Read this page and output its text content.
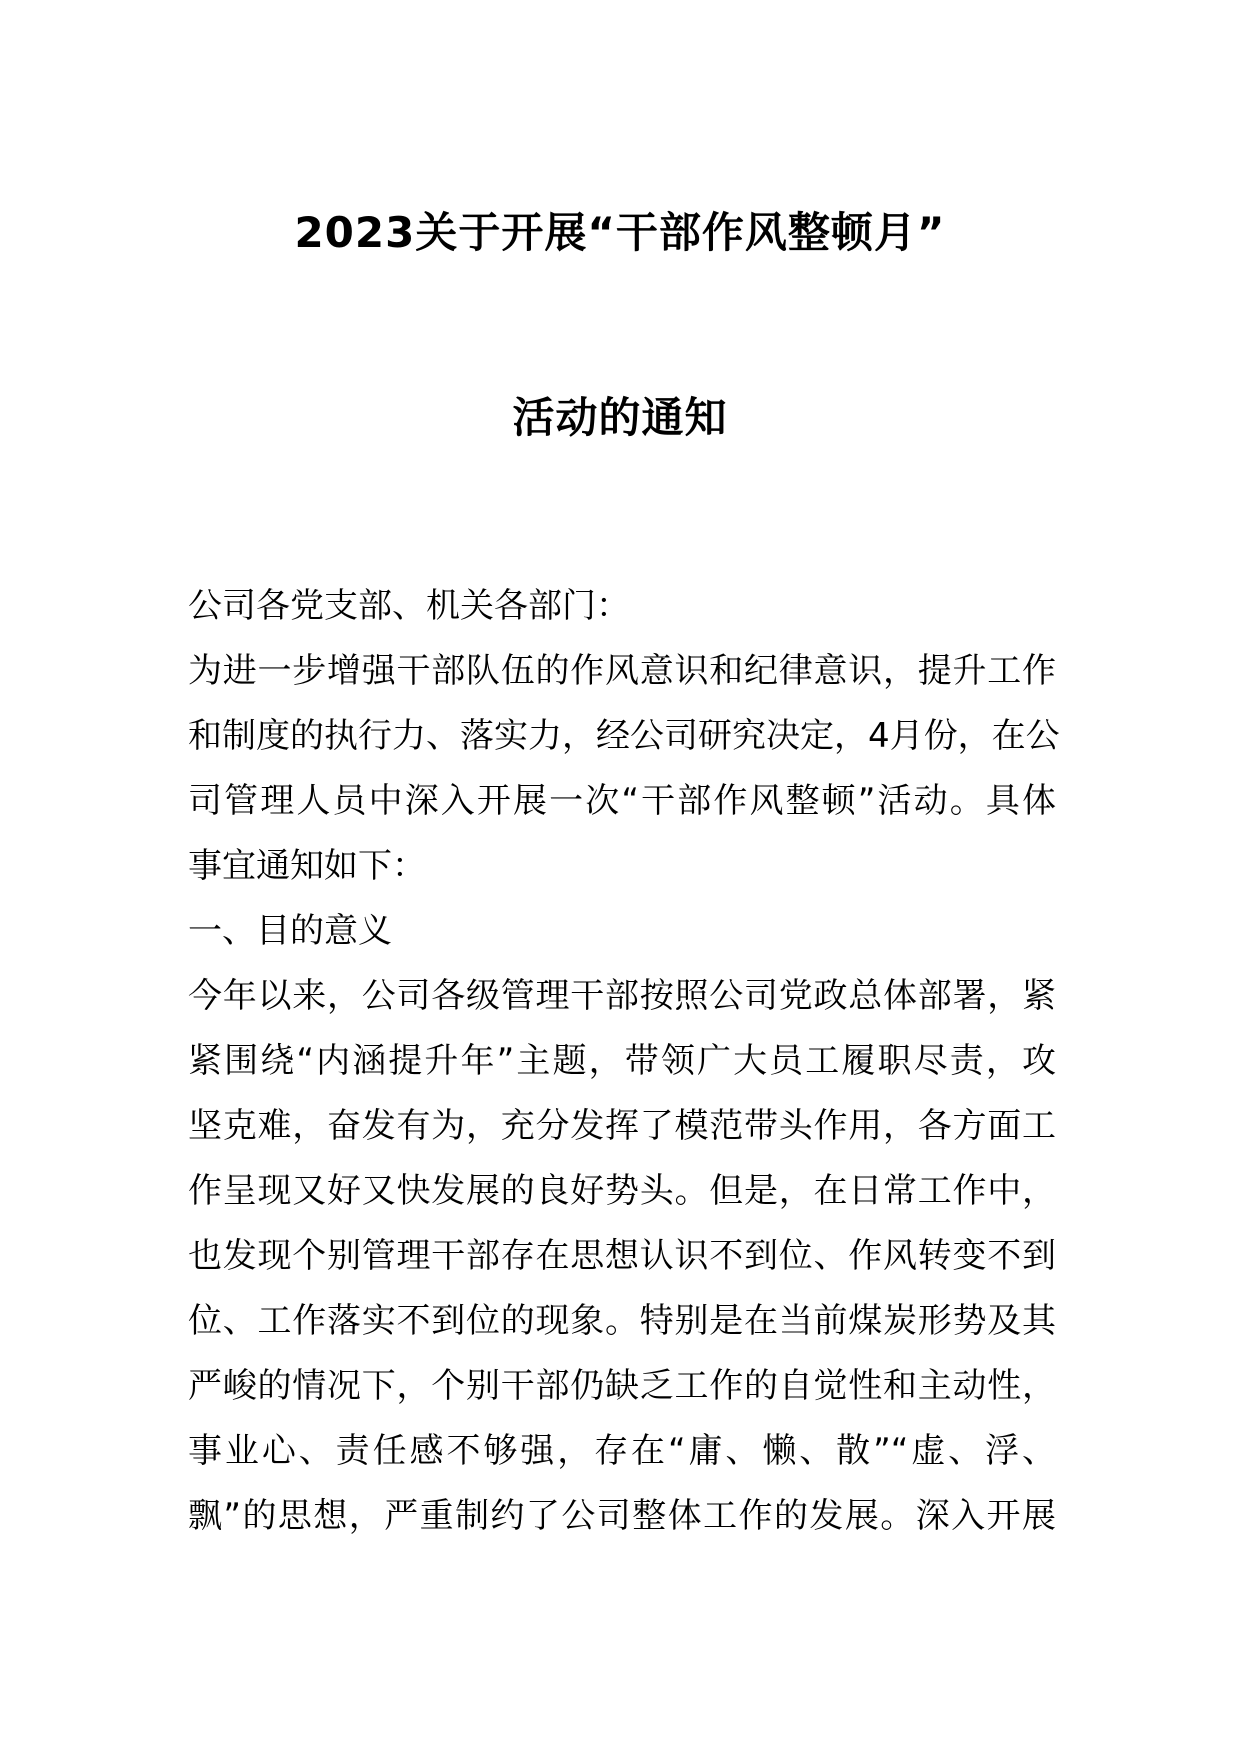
2023关于开展“干部作风整顿月”
活动的通知
公司各党支部、机关各部门：
为进一步增强干部队伍的作风意识和纪律意识，提升工作
和制度的执行力、落实力，经公司研究决定，4月份，在公
司管理人员中深入开展一次“干部作风整顿”活动。具体
事宜通知如下：
一、目的意义
今年以来，公司各级管理干部按照公司党政总体部署，紧
紧围绕“内涵提升年”主题，带领广大员工履职尽责，攻
坚克难，奋发有为，充分发挥了模范带头作用，各方面工
作呈现又好又快发展的良好势头。但是，在日常工作中，
也发现个别管理干部存在思想认识不到位、作风转变不到
位、工作落实不到位的现象。特别是在当前煤炭形势及其
严峻的情况下，个别干部仍缺乏工作的自觉性和主动性，
事业心、责任感不够强，存在“庸、懒、散”“虚、浮、
飘”的思想，严重制约了公司整体工作的发展。深入开展
